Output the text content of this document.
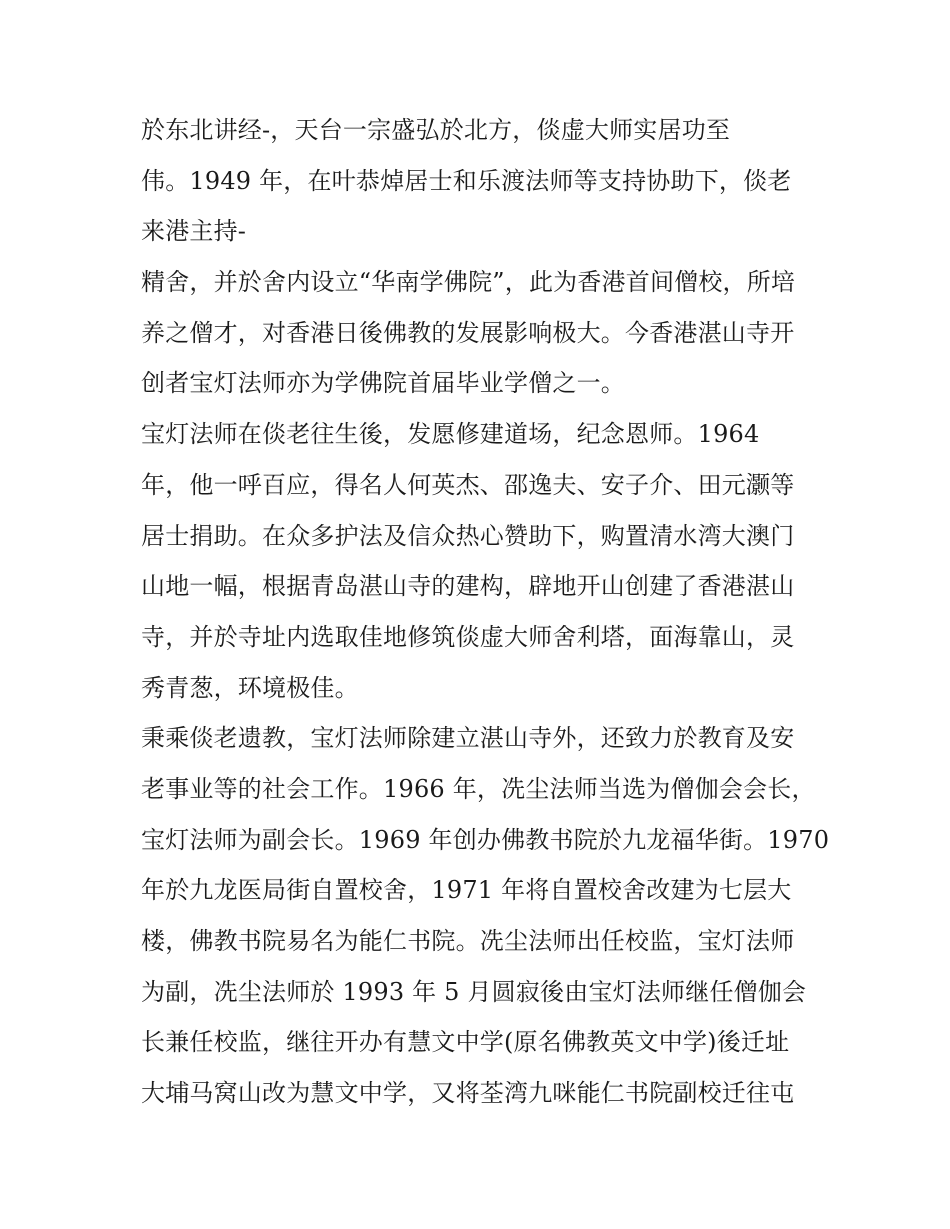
於东北讲经-，天台一宗盛弘於北方，倓虚大师实居功至
伟。1949 年，在叶恭焯居士和乐渡法师等支持协助下，倓老
来港主持-
精舍，并於舍内设立“华南学佛院”，此为香港首间僧校，所培
养之僧才，对香港日後佛教的发展影响极大。今香港湛山寺开
创者宝灯法师亦为学佛院首届毕业学僧之一。
宝灯法师在倓老往生後，发愿修建道场，纪念恩师。1964
年，他一呼百应，得名人何英杰、邵逸夫、安子介、田元灏等
居士捐助。在众多护法及信众热心赞助下，购置清水湾大澳门
山地一幅，根据青岛湛山寺的建构，辟地开山创建了香港湛山
寺，并於寺址内选取佳地修筑倓虚大师舍利塔，面海靠山，灵
秀青葱，环境极佳。
秉乘倓老遗教，宝灯法师除建立湛山寺外，还致力於教育及安
老事业等的社会工作。1966 年，冼尘法师当选为僧伽会会长，
宝灯法师为副会长。1969 年创办佛教书院於九龙福华街。1970
年於九龙医局街自置校舍，1971 年将自置校舍改建为七层大
楼，佛教书院易名为能仁书院。冼尘法师出任校监，宝灯法师
为副，冼尘法师於 1993 年 5 月圆寂後由宝灯法师继任僧伽会
长兼任校监，继往开办有慧文中学(原名佛教英文中学)後迁址
大埔马窝山改为慧文中学，又将荃湾九咪能仁书院副校迁往屯
